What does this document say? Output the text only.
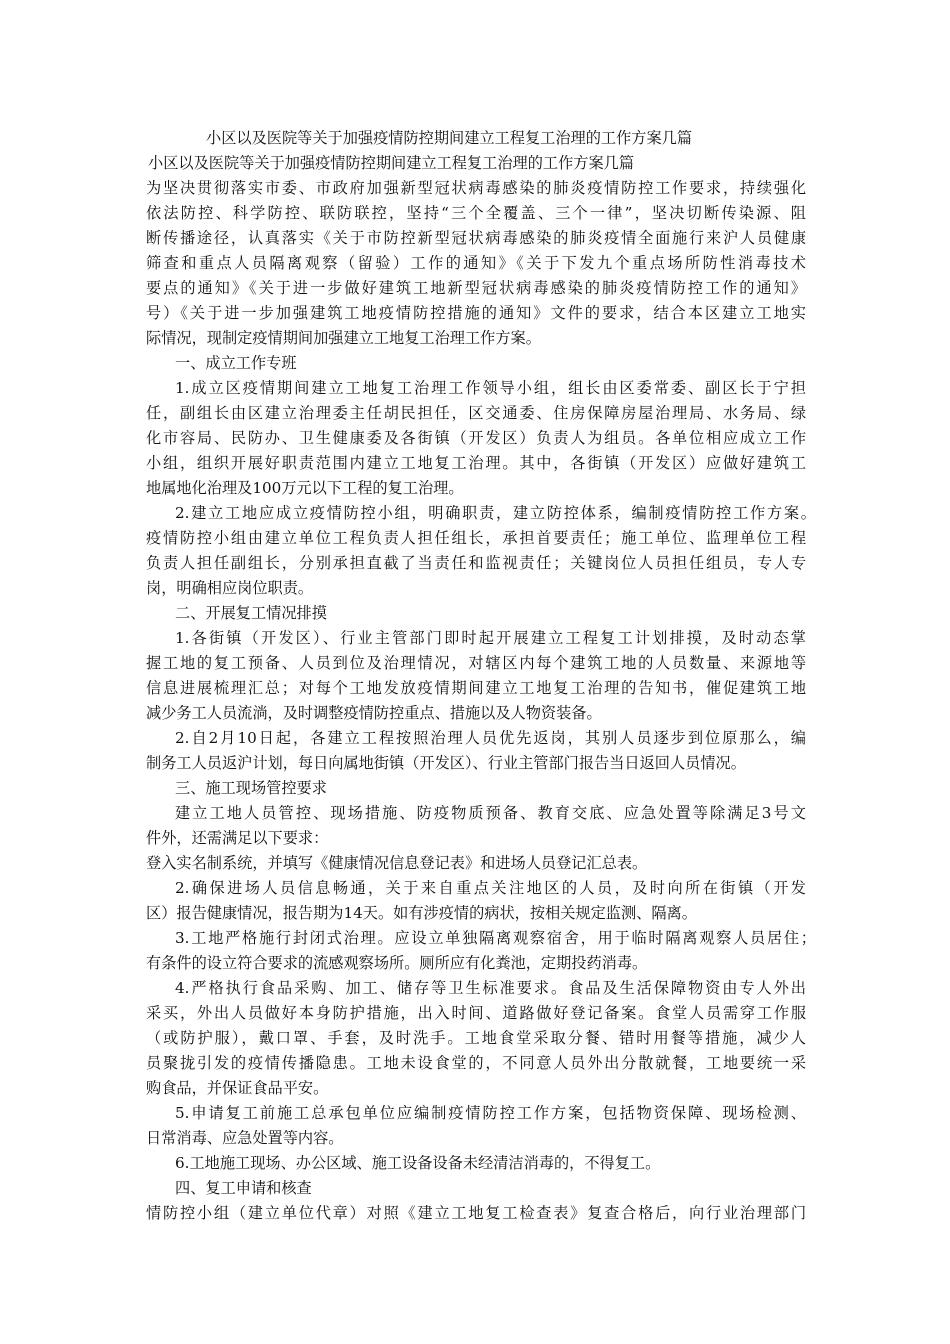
小区以及医院等关于加强疫情防控期间建立工程复工治理的工作方案几篇
小区以及医院等关于加强疫情防控期间建立工程复工治理的工作方案几篇
为坚决贯彻落实市委、市政府加强新型冠状病毒感染的肺炎疫情防控工作要求，持续强化
依法防控、科学防控、联防联控，坚持“三个全覆盖、三个一律”，坚决切断传染源、阻
断传播途径，认真落实《关于市防控新型冠状病毒感染的肺炎疫情全面施行来沪人员健康
筛查和重点人员隔离观察（留验）工作的通知》《关于下发九个重点场所防性消毒技术
要点的通知》《关于进一步做好建筑工地新型冠状病毒感染的肺炎疫情防控工作的通知》
号）《关于进一步加强建筑工地疫情防控措施的通知》文件的要求，结合本区建立工地实
际情况，现制定疫情期间加强建立工地复工治理工作方案。
一、成立工作专班
1.成立区疫情期间建立工地复工治理工作领导小组，组长由区委常委、副区长于宁担
任，副组长由区建立治理委主任胡民担任，区交通委、住房保障房屋治理局、水务局、绿
化市容局、民防办、卫生健康委及各街镇（开发区）负责人为组员。各单位相应成立工作
小组，组织开展好职责范围内建立工地复工治理。其中，各街镇（开发区）应做好建筑工
地属地化治理及100万元以下工程的复工治理。
2.建立工地应成立疫情防控小组，明确职责，建立防控体系，编制疫情防控工作方案。
疫情防控小组由建立单位工程负责人担任组长，承担首要责任；施工单位、监理单位工程
负责人担任副组长，分别承担直截了当责任和监视责任；关键岗位人员担任组员，专人专
岗，明确相应岗位职责。
二、开展复工情况排摸
1.各街镇（开发区）、行业主管部门即时起开展建立工程复工计划排摸，及时动态掌
握工地的复工预备、人员到位及治理情况，对辖区内每个建筑工地的人员数量、来源地等
信息进展梳理汇总；对每个工地发放疫情期间建立工地复工治理的告知书，催促建筑工地
减少务工人员流淌，及时调整疫情防控重点、措施以及人物资装备。
2.自2月10日起，各建立工程按照治理人员优先返岗，其别人员逐步到位原那么，编
制务工人员返沪计划，每日向属地街镇（开发区）、行业主管部门报告当日返回人员情况。
三、施工现场管控要求
建立工地人员管控、现场措施、防疫物质预备、教育交底、应急处置等除满足3号文
件外，还需满足以下要求：
登入实名制系统，并填写《健康情况信息登记表》和进场人员登记汇总表。
2.确保进场人员信息畅通，关于来自重点关注地区的人员，及时向所在街镇（开发
区）报告健康情况，报告期为14天。如有涉疫情的病状，按相关规定监测、隔离。
3.工地严格施行封闭式治理。应设立单独隔离观察宿舍，用于临时隔离观察人员居住；
有条件的设立符合要求的流感观察场所。厕所应有化粪池，定期投药消毒。
4.严格执行食品采购、加工、储存等卫生标准要求。食品及生活保障物资由专人外出
采买，外出人员做好本身防护措施，出入时间、道路做好登记备案。食堂人员需穿工作服
（或防护服），戴口罩、手套，及时洗手。工地食堂采取分餐、错时用餐等措施，减少人
员聚拢引发的疫情传播隐患。工地未设食堂的，不同意人员外出分散就餐，工地要统一采
购食品，并保证食品平安。
5.申请复工前施工总承包单位应编制疫情防控工作方案，包括物资保障、现场检测、
日常消毒、应急处置等内容。
6.工地施工现场、办公区域、施工设备设备未经清洁消毒的，不得复工。
四、复工申请和核查
情防控小组（建立单位代章）对照《建立工地复工检查表》复查合格后，向行业治理部门
